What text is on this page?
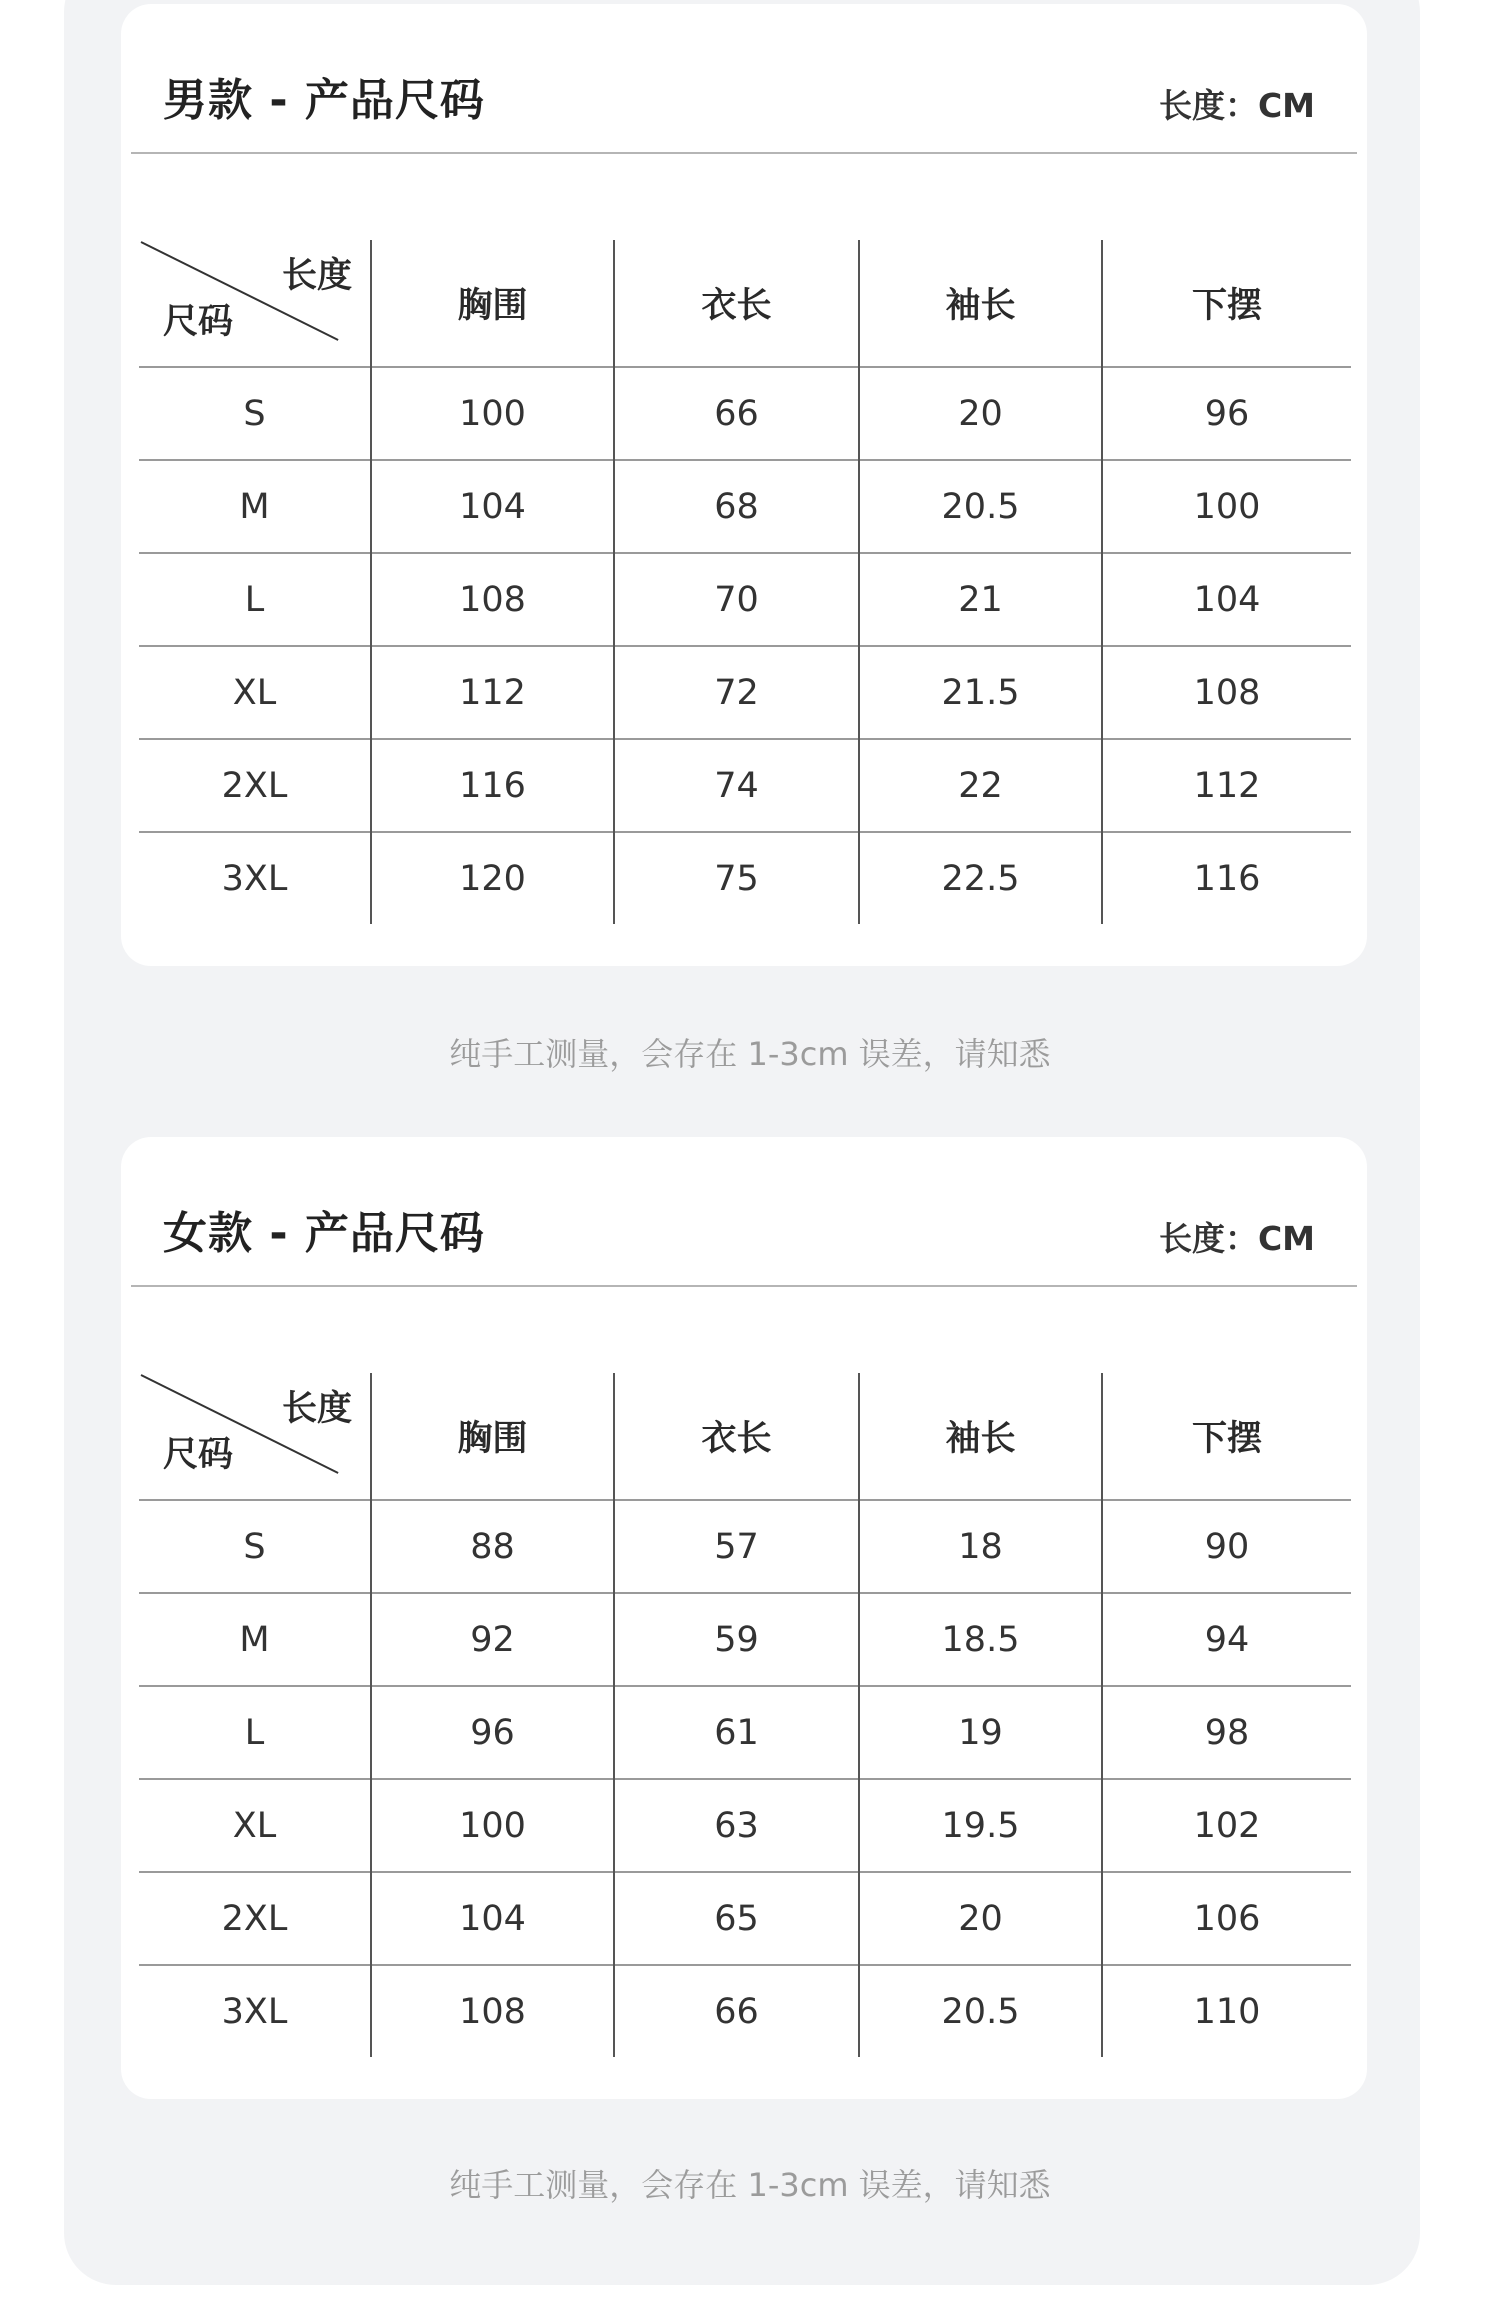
男款 - 产品尺码	长度：CM
长度
尺码	胸围	衣长	袖长	下摆
S	100	66	20	96
M	104	68	20.5	100
L	108	70	21	104
XL	112	72	21.5	108
2XL	116	74	22	112
3XL	120	75	22.5	116
纯手工测量，会存在 1-3cm 误差，请知悉
女款 - 产品尺码	长度：CM
长度
尺码	胸围	衣长	袖长	下摆
S	88	57	18	90
M	92	59	18.5	94
L	96	61	19	98
XL	100	63	19.5	102
2XL	104	65	20	106
3XL	108	66	20.5	110
纯手工测量，会存在 1-3cm 误差，请知悉
